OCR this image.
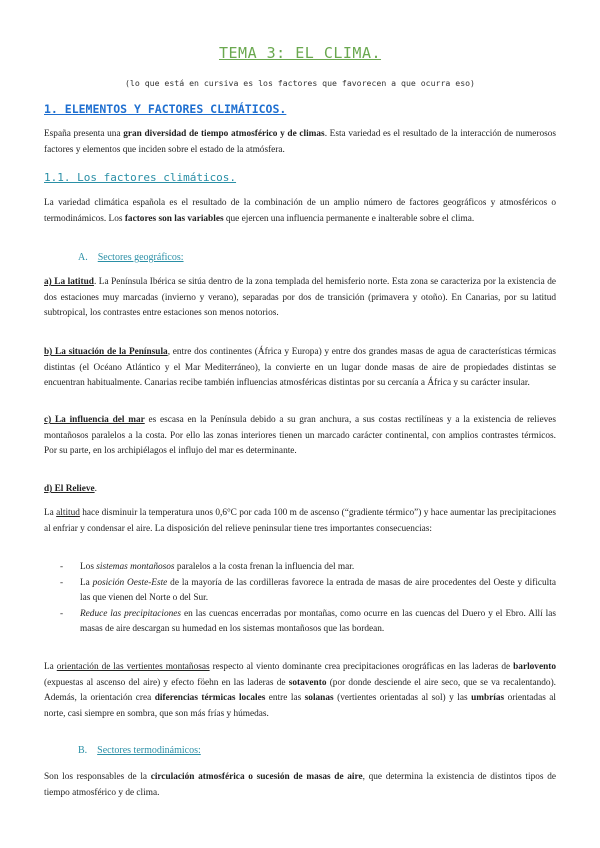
TEMA 3: EL CLIMA.
(lo que está en cursiva es los factores que favorecen a que ocurra eso)
1. ELEMENTOS Y FACTORES CLIMÁTICOS.
España presenta una gran diversidad de tiempo atmosférico y de climas. Esta variedad es el resultado de la interacción de numerosos factores y elementos que inciden sobre el estado de la atmósfera.
1.1. Los factores climáticos.
La variedad climática española es el resultado de la combinación de un amplio número de factores geográficos y atmosféricos o termodinámicos. Los factores son las variables que ejercen una influencia permanente e inalterable sobre el clima.
A. Sectores geográficos:
a) La latitud. La Península Ibérica se sitúa dentro de la zona templada del hemisferio norte. Esta zona se caracteriza por la existencia de dos estaciones muy marcadas (invierno y verano), separadas por dos de transición (primavera y otoño). En Canarias, por su latitud subtropical, los contrastes entre estaciones son menos notorios.
b) La situación de la Península, entre dos continentes (África y Europa) y entre dos grandes masas de agua de características térmicas distintas (el Océano Atlántico y el Mar Mediterráneo), la convierte en un lugar donde masas de aire de propiedades distintas se encuentran habitualmente. Canarias recibe también influencias atmosféricas distintas por su cercanía a África y su carácter insular.
c) La influencia del mar es escasa en la Península debido a su gran anchura, a sus costas rectilíneas y a la existencia de relieves montañosos paralelos a la costa. Por ello las zonas interiores tienen un marcado carácter continental, con amplios contrastes térmicos. Por su parte, en los archipiélagos el influjo del mar es determinante.
d) El Relieve.
La altitud hace disminuir la temperatura unos 0,6°C por cada 100 m de ascenso (“gradiente térmico”) y hace aumentar las precipitaciones al enfriar y condensar el aire. La disposición del relieve peninsular tiene tres importantes consecuencias:
- Los sistemas montañosos paralelos a la costa frenan la influencia del mar.
- La posición Oeste-Este de la mayoría de las cordilleras favorece la entrada de masas de aire procedentes del Oeste y dificulta las que vienen del Norte o del Sur.
- Reduce las precipitaciones en las cuencas encerradas por montañas, como ocurre en las cuencas del Duero y el Ebro. Allí las masas de aire descargan su humedad en los sistemas montañosos que las bordean.
La orientación de las vertientes montañosas respecto al viento dominante crea precipitaciones orográficas en las laderas de barlovento (expuestas al ascenso del aire) y efecto föehn en las laderas de sotavento (por donde desciende el aire seco, que se va recalentando). Además, la orientación crea diferencias térmicas locales entre las solanas (vertientes orientadas al sol) y las umbrías orientadas al norte, casi siempre en sombra, que son más frías y húmedas.
B. Sectores termodinámicos:
Son los responsables de la circulación atmosférica o sucesión de masas de aire, que determina la existencia de distintos tipos de tiempo atmosférico y de clima.
